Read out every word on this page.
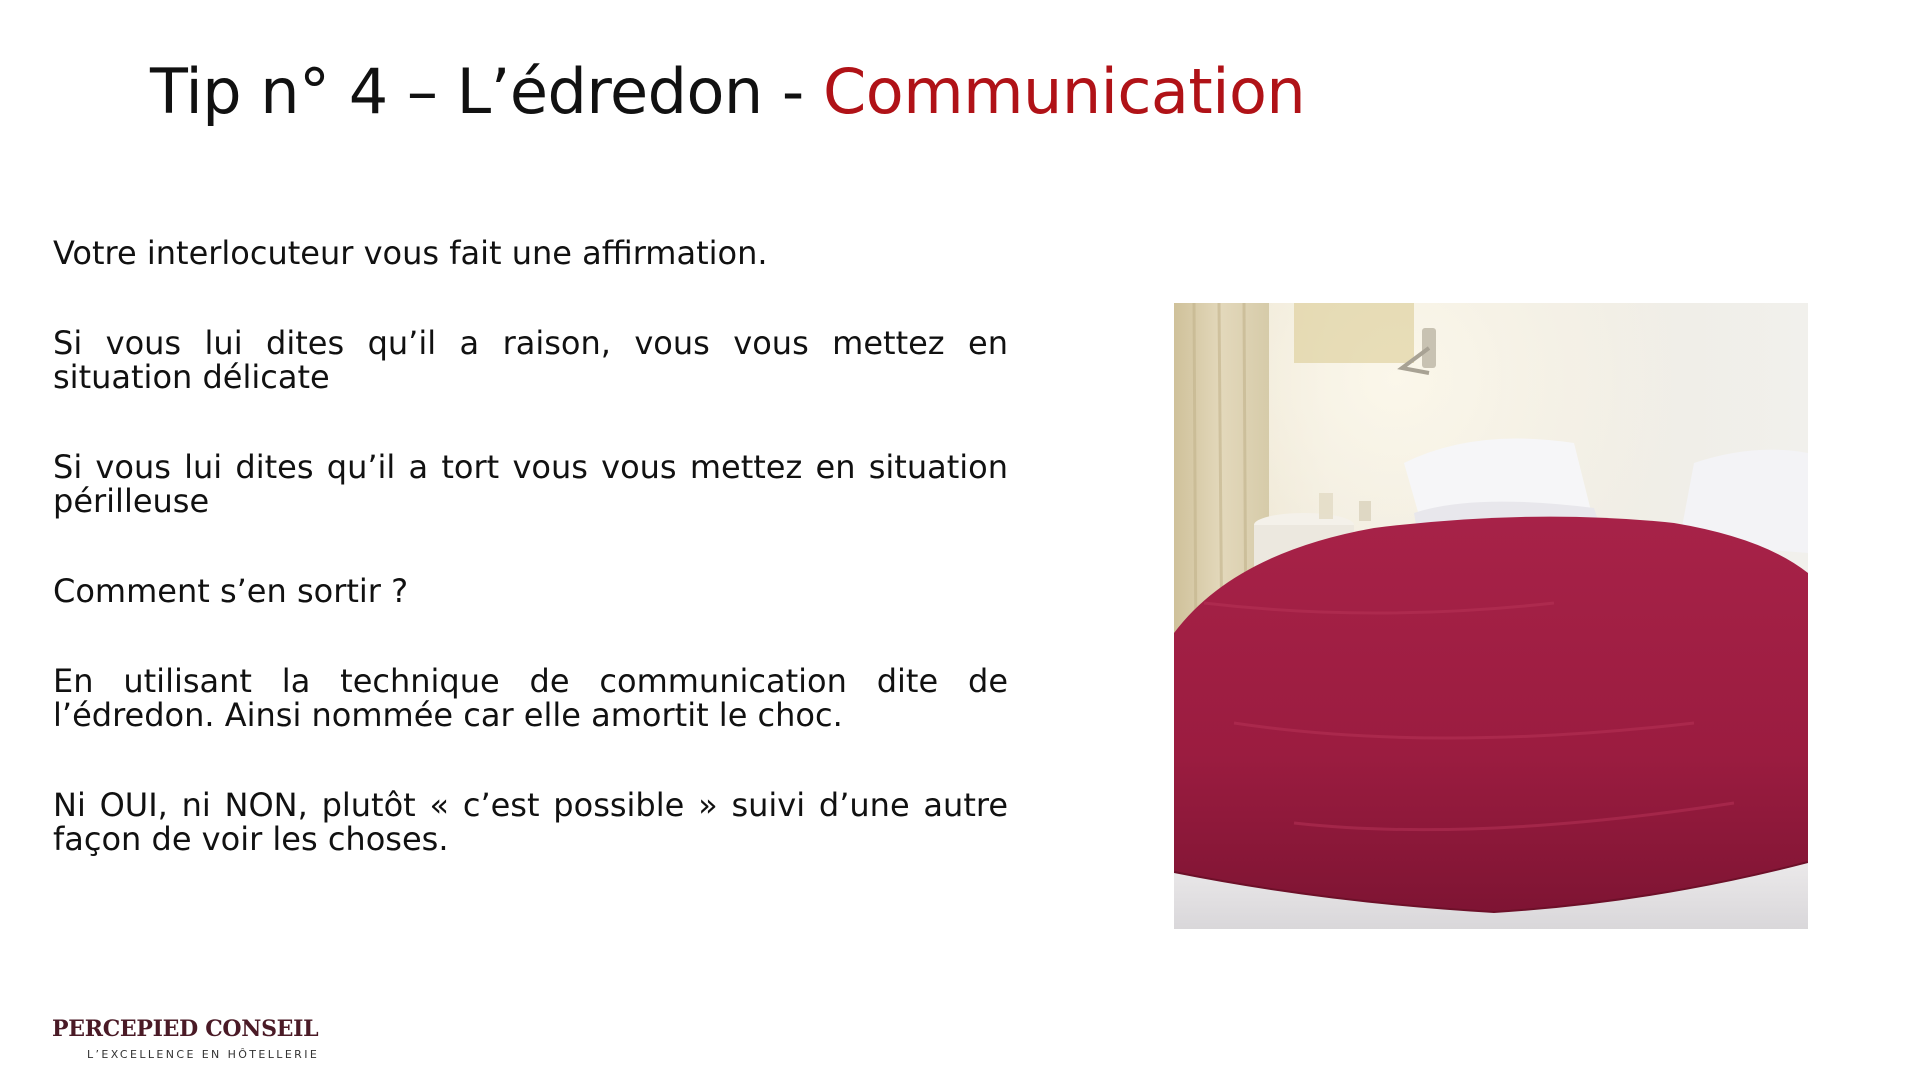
Tip n° 4 – L’édredon - Communication

Votre interlocuteur vous fait une affirmation.

Si vous lui dites qu’il a raison, vous vous mettez en situation délicate

Si vous lui dites qu’il a tort vous vous mettez en situation périlleuse

Comment s’en sortir ?

En utilisant la technique de communication dite de l’édredon. Ainsi nommée car elle amortit le choc.

Ni OUI, ni NON, plutôt « c’est possible » suivi d’une autre façon de voir les choses.

PERCEPIED CONSEIL
L’EXCELLENCE EN HÔTELLERIE
